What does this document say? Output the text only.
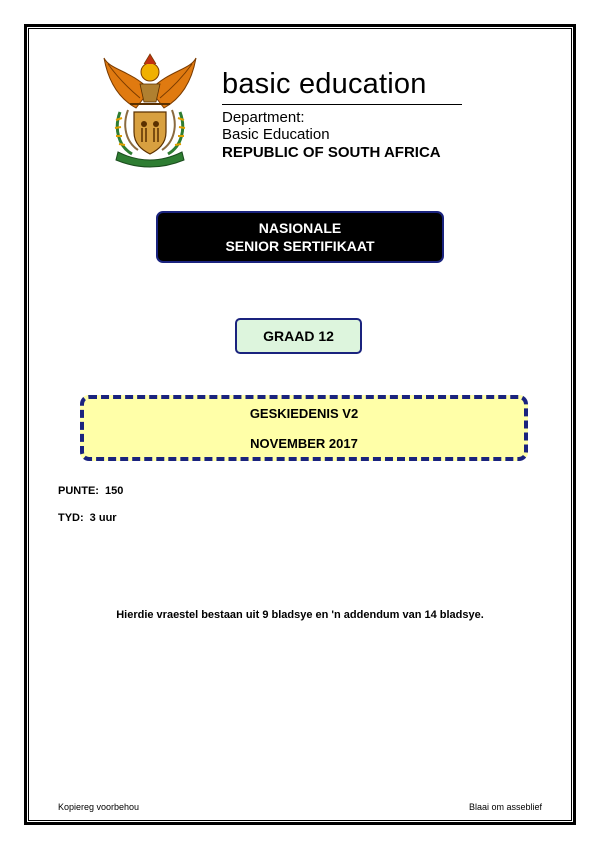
basic education
Department:
Basic Education
REPUBLIC OF SOUTH AFRICA
NASIONALE
SENIOR SERTIFIKAAT
GRAAD 12
GESKIEDENIS V2
NOVEMBER 2017
PUNTE: 150
TYD: 3 uur
Hierdie vraestel bestaan uit 9 bladsye en 'n addendum van 14 bladsye.
Kopiereg voorbehou	Blaai om asseblief
